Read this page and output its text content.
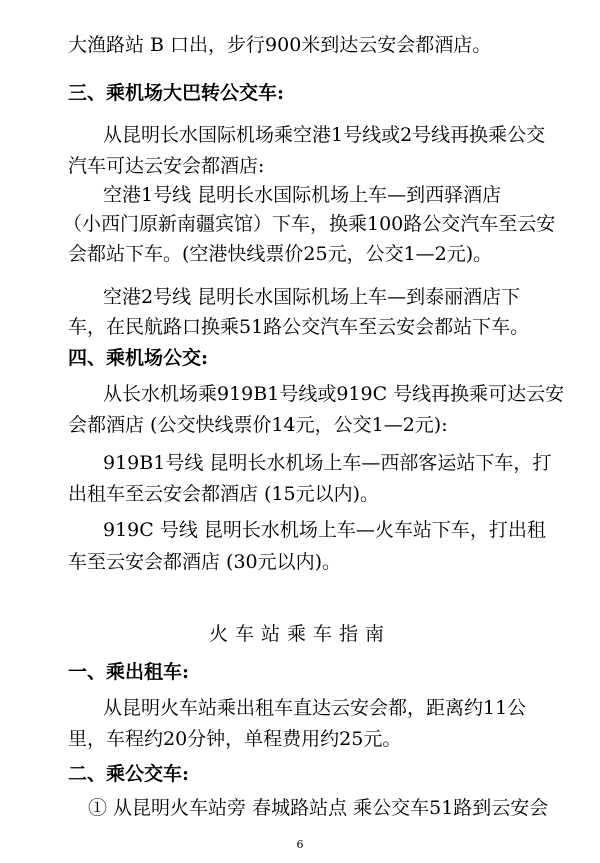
大渔路站 B 口出，步行900米到达云安会都酒店。
三、乘机场大巴转公交车:
从昆明长水国际机场乘空港1号线或2号线再换乘公交
汽车可达云安会都酒店:
空港1号线 昆明长水国际机场上车—到西驿酒店
（小西门原新南疆宾馆）下车，换乘100路公交汽车至云安
会都站下车。(空港快线票价25元，公交1—2元)。
空港2号线 昆明长水国际机场上车—到泰丽酒店下
车，在民航路口换乘51路公交汽车至云安会都站下车。
四、乘机场公交:
从长水机场乘919B1号线或919C 号线再换乘可达云安
会都酒店 (公交快线票价14元，公交1—2元):
919B1号线 昆明长水机场上车—西部客运站下车，打
出租车至云安会都酒店 (15元以内)。
919C 号线 昆明长水机场上车—火车站下车，打出租
车至云安会都酒店 (30元以内)。
火车站乘车指南
一、乘出租车:
从昆明火车站乘出租车直达云安会都，距离约11公
里，车程约20分钟，单程费用约25元。
二、乘公交车:
① 从昆明火车站旁 春城路站点 乘公交车51路到云安会
6
